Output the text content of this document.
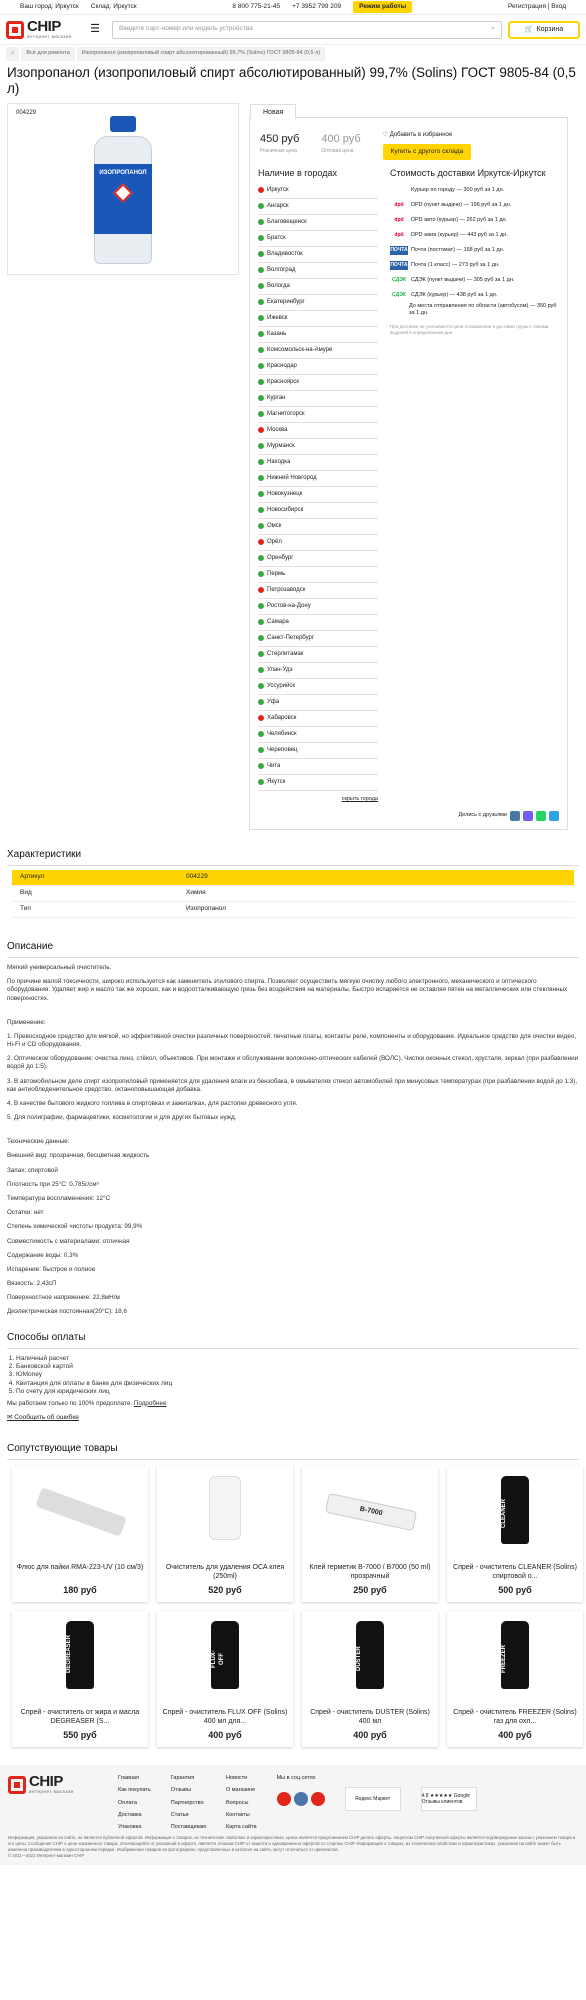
Ваш город: Иркутск Склад: Иркутск	8 800 775-21-45 +7 3952 799 209	Режим работы	Регистрация | Вход
CHIP
интернет магазин
☰	Введите парт-номер или модель устройства	⌕	🛒 Корзина
⌂	Всё для ремонта	Изопропанол (изопропиловый спирт абсолютированный) 99,7% (Solins) ГОСТ 9805-84 (0,5 л)
Изопропанол (изопропиловый спирт абсолютированный) 99,7% (Solins) ГОСТ 9805-84 (0,5 л)
004229
ИЗОПРОПАНОЛ
Новая
450 руб
Розничная цена
400 руб
Оптовая цена
♡ Добавить в избранное
Купить с другого склада
Наличие в городах
Иркутск
Ангарск
Благовещенск
Братск
Владивосток
Волгоград
Вологда
Екатеринбург
Ижевск
Казань
Комсомольск-на-Амуре
Краснодар
Красноярск
Курган
Магнитогорск
Москва
Мурманск
Находка
Нижний Новгород
Новокузнецк
Новосибирск
Омск
Орёл
Оренбург
Пермь
Петрозаводск
Ростов-на-Дону
Самара
Санкт-Петербург
Стерлитамак
Улан-Удэ
Уссурийск
Уфа
Хабаровск
Челябинск
Череповец
Чита
Якутск
скрыть города
Стоимость доставки Иркутск-Иркутск
Курьер по городу — 300 руб за 1 дн.
dpd	DPD (пункт выдачи) — 196 руб за 1 дн.
dpd	DPD авто (курьер) — 262 руб за 1 дн.
dpd	DPD авиа (курьер) — 443 руб за 1 дн.
ПОЧТА Почта (постомат) — 168 руб за 1 дн.
ПОЧТА Почта (1 класс) — 273 руб за 1 дн.
СДЭК СДЭК (пункт выдачи) — 305 руб за 1 дн.
СДЭК СДЭК (курьер) — 438 руб за 1 дн.
До места отправления по области (автобусом) — 350 руб за 1 дн.
При доставке не учитывается цена отправления в доставке грузы с тяжами выдачей в определенном дне
Делись с друзьями
Характеристики
Артикул	004229
Вид	Химия
Тип	Изопропанол
Описание

Мягкий универсальный очиститель.

По причине малой токсичности, широко используется как заменитель этилового спирта. Позволяет осуществить мягкую очистку любого электронного, механического и оптического оборудования. Удаляет жир и масло так же хорошо, как и водоотталкивающую грязь без воздействия на материалы. Быстро испаряется не оставляя пятен на металлических или стеклянных поверхностях.

Применение:

1. Превосходное средство для мягкой, но эффективной очистки различных поверхностей: печатные платы, контакты реле, компоненты и оборудование. Идеальное средство для очистки видео, Hi-Fi и CD оборудования.

2. Оптическое оборудование: очистка линз, стёкол, объективов. При монтаже и обслуживании волоконно-оптических кабелей (ВОЛС). Чистки оконных стекол, хрусталя, зеркал (при разбавлении водой до 1:5).

3. В автомобильном деле спирт изопропиловый применяется для удаления влаги из бензобака, в омывателях стекол автомобилей при минусовых температурах (при разбавлении водой до 1:3), как антиобледенительное средство, октаноповышающая добавка.

4. В качестве бытового жидкого топлива в спиртовках и зажигалках, для растопки древесного угля.

5. Для полиграфии, фармацевтики, косметологии и для других бытовых нужд.

Технические данные:

Внешний вид: прозрачная, бесцветная жидкость

Запах: спиртовой

Плотность при 25°С: 0,785г/см³

Температура воспламенения: 12°С

Остатки: нет

Степень химической чистоты продукта: 99,9%

Совместимость с материалами: отличная

Содержание воды: 0,3%

Испарение: быстрое и полное

Вязкость: 2,43сП

Поверхностное напряжение: 22,8мН/м

Диэлектрическая постоянная(20°С): 18,6

Способы оплаты
1. Наличный расчет
2. Банковской картой
3. ЮMoney
4. Квитанция для оплаты в банке для физических лиц
5. По счету для юридических лиц
Мы работаем только по 100% предоплате. Подробнее
✉ Сообщить об ошибке
Сопутствующие товары
Флюс для пайки RMA-223-UV (10 см/3)
180 руб
Очиститель для удаления OCA клея (250ml)
520 руб
B-7000
Клей герметик B-7000 / B7000 (50 ml) прозрачный
250 руб
CLEANER
Спрей - очиститель CLEANER (Solins) спиртовой о...
500 руб
DEGREASER
Спрей - очиститель от жира и масла DEGREASER (S...
550 руб
FLUX-OFF
Спрей - очиститель FLUX OFF (Solins) 400 мл для...
400 руб
DUSTER
Спрей - очиститель DUSTER (Solins) 400 мл
400 руб
FREEZER
Спрей - очиститель FREEZER (Solins) газ для охл...
400 руб
CHIP
интернет магазин
Главная
Как покупать
Оплата
Доставка
Упаковка
Гарантия
Отзывы
Партнерство
Статьи
Поставщикам
Новости
О магазине
Вопросы
Контакты
Карта сайта
Мы в соц.сетях
Яндекс Маркет
4.8 ★★★★★ Google Отзывы клиентов
Информация, указанная на сайте, не является публичной офертой. Информация о товарах, их технических свойствах и характеристиках, ценах является предложением CHIP делать оферты. Акцептом CHIP полученной оферты является подтверждение заказа с указанием товара и его цены. Сообщение CHIP о цене заказанного товара, отличающейся от указанной в оферте, является отказом CHIP от акцепта и одновременно офертой со стороны CHIP. Информация о товарах, их технических свойствах и характеристиках, указанная на сайте может быть изменена производителем в одностороннем порядке. Изображения товаров на фотографиях, представленных в каталоге на сайте, могут отличаться от оригиналов.
© 2011—2022 Интернет-магазин CHIP
